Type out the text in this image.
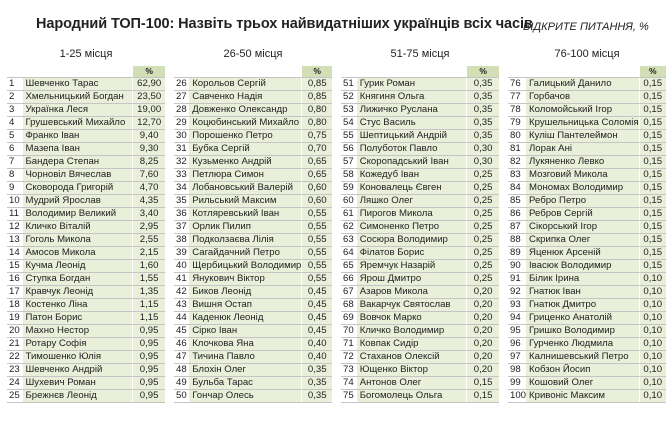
Народний ТОП-100: Назвіть трьох найвидатніших українців всіх часів
ВІДКРИТЕ ПИТАННЯ, %
1-25 місця
		%
1	Шевченко Тарас	62,90
2	Хмельницький Богдан	23,50
3	Українка Леся	19,00
4	Грушевський Михайло	12,70
5	Франко Іван	9,40
6	Мазепа Іван	9,30
7	Бандера Степан	8,25
8	Чорновіл Вячеслав	7,60
9	Сковорода Григорій	4,70
10	Мудрий Ярослав	4,35
11	Володимир Великий	3,40
12	Кличко Віталій	2,95
13	Гоголь Микола	2,55
14	Амосов Микола	2,15
15	Кучма Леонід	1,60
16	Ступка Богдан	1,55
17	Кравчук Леонід	1,35
18	Костенко Ліна	1,15
19	Патон Борис	1,15
20	Махно Нестор	0,95
21	Ротару Софія	0,95
22	Тимошенко Юлія	0,95
23	Шевченко Андрій	0,95
24	Шухевич Роман	0,95
25	Брежнєв Леонід	0,95
26-50 місця
		%
26	Корольов Сергій	0,85
27	Савченко Надія	0,85
28	Довженко Олександр	0,80
29	Коцюбинський Михайло	0,80
30	Порошенко Петро	0,75
31	Бубка Сергій	0,70
32	Кузьменко Андрій	0,65
33	Петлюра Симон	0,65
34	Лобановський Валерій	0,60
35	Рильський Максим	0,60
36	Котляревський Іван	0,55
37	Орлик Пилип	0,55
38	Подколзаєва Лілія	0,55
39	Сагайдачний Петро	0,55
40	Щербицький Володимир	0,55
41	Янукович Віктор	0,55
42	Биков Леонід	0,45
43	Вишня Остап	0,45
44	Каденюк Леонід	0,45
45	Сірко Іван	0,45
46	Клочкова Яна	0,40
47	Тичина Павло	0,40
48	Блохін Олег	0,35
49	Бульба Тарас	0,35
50	Гончар Олесь	0,35
51-75 місця
		%
51	Гурик Роман	0,35
52	Княгиня Ольга	0,35
53	Лижичко Руслана	0,35
54	Стус Василь	0,35
55	Шептицький Андрій	0,35
56	Полуботок Павло	0,30
57	Скоропадський Іван	0,30
58	Кожедуб Іван	0,25
59	Коновалець Євген	0,25
60	Ляшко Олег	0,25
61	Пирогов Микола	0,25
62	Симоненко Петро	0,25
63	Сосюра Володимир	0,25
64	Філатов Борис	0,25
65	Яремчук Назарій	0,25
66	Ярош Дмитро	0,25
67	Азаров Микола	0,20
68	Вакарчук Святослав	0,20
69	Вовчок Марко	0,20
70	Кличко Володимир	0,20
71	Ковпак Сидір	0,20
72	Стаханов Олексій	0,20
73	Ющенко Віктор	0,20
74	Антонов Олег	0,15
75	Богомолець Ольга	0,15
76-100 місця
		%
76	Галицький Данило	0,15
77	Горбачов	0,15
78	Коломойський Ігор	0,15
79	Крушельницька Соломія	0,15
80	Куліш Пантелеймон	0,15
81	Лорак Ані	0,15
82	Лукяненко Левко	0,15
83	Мозговий Микола	0,15
84	Мономах Володимир	0,15
85	Ребро Петро	0,15
86	Ребров Сергій	0,15
87	Сікорський Ігор	0,15
88	Скрипка Олег	0,15
89	Яценюк Арсеній	0,15
90	Івасюк Володимир	0,15
91	Білик Ірина	0,10
92	Гнатюк Іван	0,10
93	Гнатюк Дмитро	0,10
94	Гриценко Анатолій	0,10
95	Гришко Володимир	0,10
96	Гурченко Людмила	0,10
97	Калнишевський Петро	0,10
98	Кобзон Йосип	0,10
99	Кошовий Олег	0,10
100	Кривоніс Максим	0,10
